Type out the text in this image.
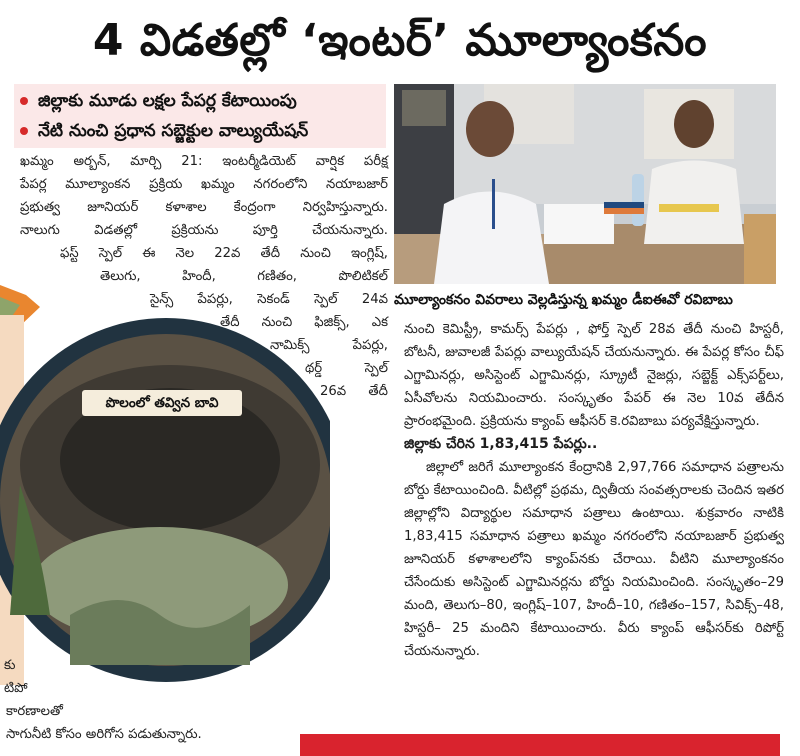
4 విడతల్లో ‘ఇంటర్’ మూల్యాంకనం
జిల్లాకు మూడు లక్షల పేపర్ల కేటాయింపు
నేటి నుంచి ప్రధాన సబ్జెక్టుల వాల్యుయేషన్

ఖమ్మం అర్బన్, మార్చి 21: ఇంటర్మీడియెట్ వార్షిక పరీక్ష

పేపర్ల మూల్యాంకన ప్రక్రియ ఖమ్మం నగరంలోని నయాబజార్

ప్రభుత్వ జూనియర్ కళాశాల కేంద్రంగా నిర్వహిస్తున్నారు.

నాలుగు విడతల్లో ప్రక్రియను పూర్తి చేయనున్నారు.

ఫస్ట్ స్పెల్ ఈ నెల 22వ తేదీ నుంచి ఇంగ్లిష్,

తెలుగు, హిందీ, గణితం, పొలిటికల్

సైన్స్ పేపర్లు, సెకండ్ స్పెల్ 24వ

తేదీ నుంచి ఫిజిక్స్, ఎక

నామిక్స్ పేపర్లు,

థర్డ్ స్పెల్

26వ తేదీ

మూల్యాంకనం వివరాలు వెల్లడిస్తున్న ఖమ్మం డీఐఈవో రవిబాబు

నుంచి కెమిస్ట్రీ, కామర్స్ పేపర్లు , ఫోర్త్ స్పెల్ 28వ తేదీ నుంచి హిస్టరీ, బోటనీ, జువాలజీ పేపర్లు వాల్యుయేషన్ చేయనున్నారు. ఈ పేపర్ల కోసం చీఫ్ ఎగ్జామినర్లు, అసిస్టెంట్ ఎగ్జామినర్లు, స్క్రూటీ నైజర్లు, సబ్జెక్ట్ ఎక్స్‌పర్ట్‌లు, ఏసీవోలను నియమించారు. సంస్కృతం పేపర్ ఈ నెల 10వ తేదీన ప్రారంభమైంది. ప్రక్రియను క్యాంప్ ఆఫీసర్ కె.రవిబాబు పర్యవేక్షిస్తున్నారు.

జిల్లాకు చేరిన 1,83,415 పేపర్లు..

జిల్లాలో జరిగే మూల్యాంకన కేంద్రానికి 2,97,766 సమాధాన పత్రాలను బోర్డు కేటాయించింది. వీటిల్లో ప్రథమ, ద్వితీయ సంవత్సరాలకు చెందిన ఇతర జిల్లాల్లోని విద్యార్థుల సమాధాన పత్రాలు ఉంటాయి. శుక్రవారం నాటికి 1,83,415 సమాధాన పత్రాలు ఖమ్మం నగరంలోని నయాబజార్ ప్రభుత్వ జూనియర్ కళాశాలలోని క్యాంప్‌నకు చేరాయి. వీటిని మూల్యాంకనం చేసేందుకు అసిస్టెంట్ ఎగ్జామినర్లను బోర్డు నియమించింది. సంస్కృతం–29 మంది, తెలుగు–80, ఇంగ్లిష్–107, హిందీ–10, గణితం–157, సివిక్స్–48, హిస్టరీ– 25 మందిని కేటాయించారు. వీరు క్యాంప్ ఆఫీసర్‌కు రిపోర్ట్ చేయనున్నారు.

పొలంలో తవ్విన బావి

కు

టిపో

కారణాలతో

సాగునీటి కోసం అరిగోస పడుతున్నారు.
